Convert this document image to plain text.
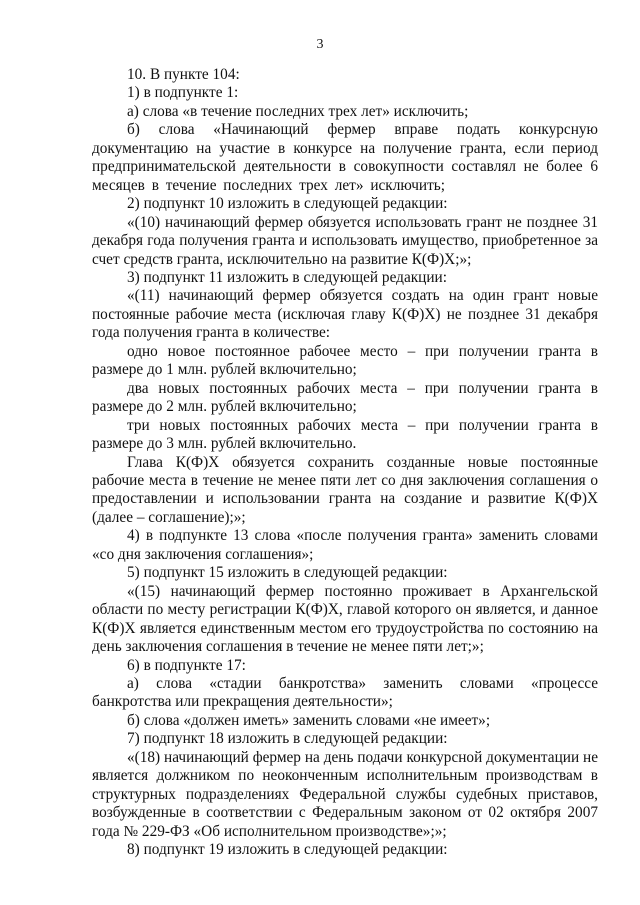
3

10. В пункте 104:

1) в подпункте 1:

а) слова «в течение последних трех лет» исключить;

б) слова «Начинающий фермер вправе подать конкурсную документацию на участие в конкурсе на получение гранта, если период предпринимательской деятельности в совокупности составлял не более 6 месяцев в течение последних трех лет» исключить;

2) подпункт 10 изложить в следующей редакции:

«(10) начинающий фермер обязуется использовать грант не позднее 31 декабря года получения гранта и использовать имущество, приобретенное за счет средств гранта, исключительно на развитие К(Ф)Х;»;

3) подпункт 11 изложить в следующей редакции:

«(11) начинающий фермер обязуется создать на один грант новые постоянные рабочие места (исключая главу К(Ф)Х) не позднее 31 декабря года получения гранта в количестве:

одно новое постоянное рабочее место – при получении гранта в размере до 1 млн. рублей включительно;

два новых постоянных рабочих места – при получении гранта в размере до 2 млн. рублей включительно;

три новых постоянных рабочих места – при получении гранта в размере до 3 млн. рублей включительно.

Глава К(Ф)Х обязуется сохранить созданные новые постоянные рабочие места в течение не менее пяти лет со дня заключения соглашения о предоставлении и использовании гранта на создание и развитие К(Ф)Х (далее – соглашение);»;

4) в подпункте 13 слова «после получения гранта» заменить словами «со дня заключения соглашения»;

5) подпункт 15 изложить в следующей редакции:

«(15) начинающий фермер постоянно проживает в Архангельской области по месту регистрации К(Ф)Х, главой которого он является, и данное К(Ф)Х является единственным местом его трудоустройства по состоянию на день заключения соглашения в течение не менее пяти лет;»;

6) в подпункте 17:

а) слова «стадии банкротства» заменить словами «процессе банкротства или прекращения деятельности»;

б) слова «должен иметь» заменить словами «не имеет»;

7) подпункт 18 изложить в следующей редакции:

«(18) начинающий фермер на день подачи конкурсной документации не является должником по неоконченным исполнительным производствам в структурных подразделениях Федеральной службы судебных приставов, возбужденные в соответствии с Федеральным законом от 02 октября 2007 года № 229-ФЗ «Об исполнительном производстве»;»;

8) подпункт 19 изложить в следующей редакции:
